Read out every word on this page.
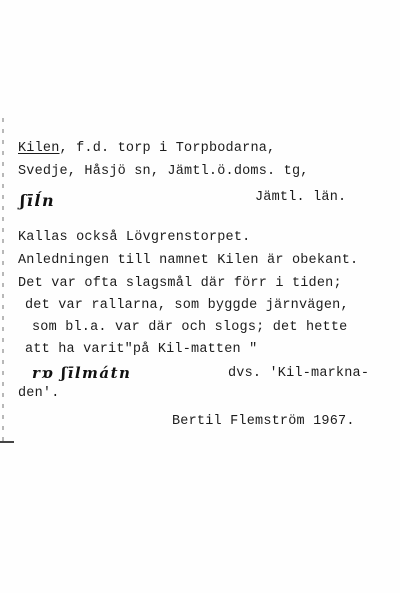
Kilen, f.d. torp i Torpbodarna,
Svedje, Håsjö sn, Jämtl.ö.doms. tg,
ʃīĺn	Jämtl. län.
Kallas också Lövgrenstorpet.
Anledningen till namnet Kilen är obekant.
Det var ofta slagsmål där förr i tiden;
det var rallarna, som byggde järnvägen,
som bl.a. var där och slogs; det hette
att ha varit"på Kil-matten "
rɒ ʃīlmátn	dvs. 'Kil-markna-
den'.
Bertil Flemström 1967.
